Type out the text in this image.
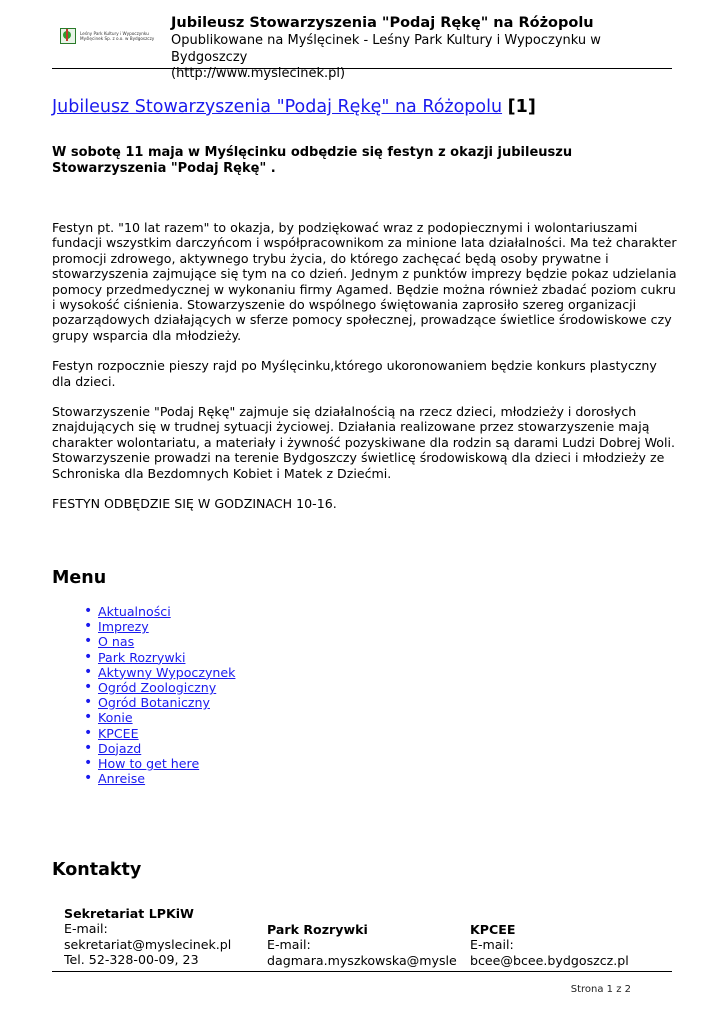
Leśny Park Kultury i Wypoczynku Myślęcinek Sp. z o.o. w Bydgoszczy
Jubileusz Stowarzyszenia "Podaj Rękę" na Różopolu
Opublikowane na Myślęcinek - Leśny Park Kultury i Wypoczynku w Bydgoszczy
(http://www.myslecinek.pl)
Jubileusz Stowarzyszenia "Podaj Rękę" na Różopolu [1]

W sobotę 11 maja w Myślęcinku odbędzie się festyn z okazji jubileuszu Stowarzyszenia "Podaj Rękę" .

Festyn pt. "10 lat razem" to okazja, by podziękować wraz z podopiecznymi i wolontariuszami fundacji wszystkim darczyńcom i współpracownikom za minione lata działalności. Ma też charakter promocji zdrowego, aktywnego trybu życia, do którego zachęcać będą osoby prywatne i stowarzyszenia zajmujące się tym na co dzień. Jednym z punktów imprezy będzie pokaz udzielania pomocy przedmedycznej w wykonaniu firmy Agamed. Będzie można również zbadać poziom cukru i wysokość ciśnienia. Stowarzyszenie do wspólnego świętowania zaprosiło szereg organizacji pozarządowych działających w sferze pomocy społecznej, prowadzące świetlice środowiskowe czy grupy wsparcia dla młodzieży.

Festyn rozpocznie pieszy rajd po Myślęcinku,którego ukoronowaniem będzie konkurs plastyczny dla dzieci.

Stowarzyszenie "Podaj Rękę" zajmuje się działalnością na rzecz dzieci, młodzieży i dorosłych znajdujących się w trudnej sytuacji życiowej. Działania realizowane przez stowarzyszenie mają charakter wolontariatu, a materiały i żywność pozyskiwane dla rodzin są darami Ludzi Dobrej Woli. Stowarzyszenie prowadzi na terenie Bydgoszczy świetlicę środowiskową dla dzieci i młodzieży ze Schroniska dla Bezdomnych Kobiet i Matek z Dziećmi.

FESTYN ODBĘDZIE SIĘ W GODZINACH 10-16.

Menu
• Aktualności
• Imprezy
• O nas
• Park Rozrywki
• Aktywny Wypoczynek
• Ogród Zoologiczny
• Ogród Botaniczny
• Konie
• KPCEE
• Dojazd
• How to get here
• Anreise
Kontakty
Sekretariat LPKiW
E-mail:
sekretariat@myslecinek.pl
Tel. 52-328-00-09, 23
Park Rozrywki
E-mail:
dagmara.myszkowska@mysle
KPCEE
E-mail:
bcee@bcee.bydgoszcz.pl
Strona 1 z 2
